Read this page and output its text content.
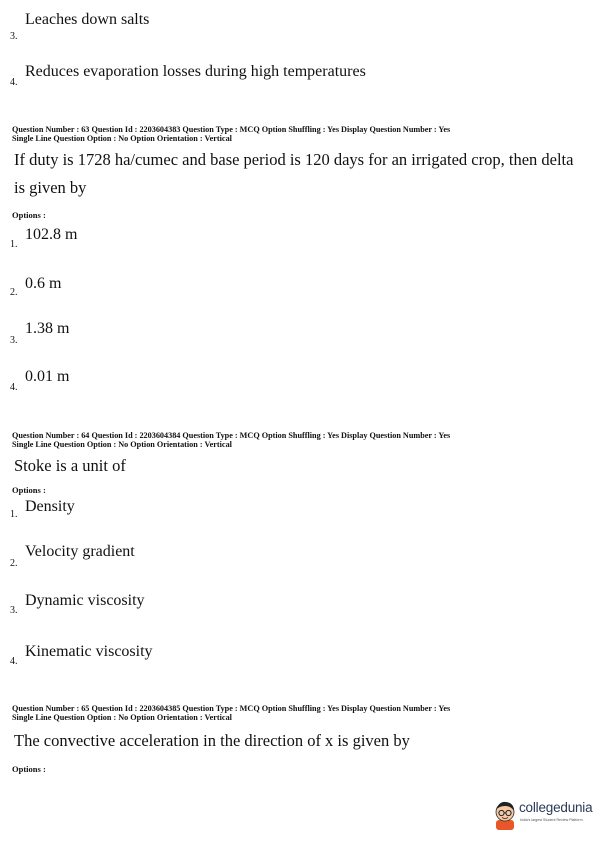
Leaches down salts
3.
Reduces evaporation losses during high temperatures
4.
Question Number : 63 Question Id : 2203604383 Question Type : MCQ Option Shuffling : Yes Display Question Number : Yes
Single Line Question Option : No Option Orientation : Vertical
If duty is 1728 ha/cumec and base period is 120 days for an irrigated crop, then delta
is given by
Options :
102.8 m
1.
2.
0.6 m
1.38 m
3.
0.01 m
4.
Question Number : 64 Question Id : 2203604384 Question Type : MCQ Option Shuffling : Yes Display Question Number : Yes
Single Line Question Option : No Option Orientation : Vertical
Stoke is a unit of
Options :
1. Density
Velocity gradient
2.
3.
Dynamic viscosity
Kinematic viscosity
4.
Question Number : 65 Question Id : 2203604385 Question Type : MCQ Option Shuffling : Yes Display Question Number : Yes
Single Line Question Option : No Option Orientation : Vertical
The convective acceleration in the direction of x is given by
Options :
collegedunia
India's largest Student Review Platform
